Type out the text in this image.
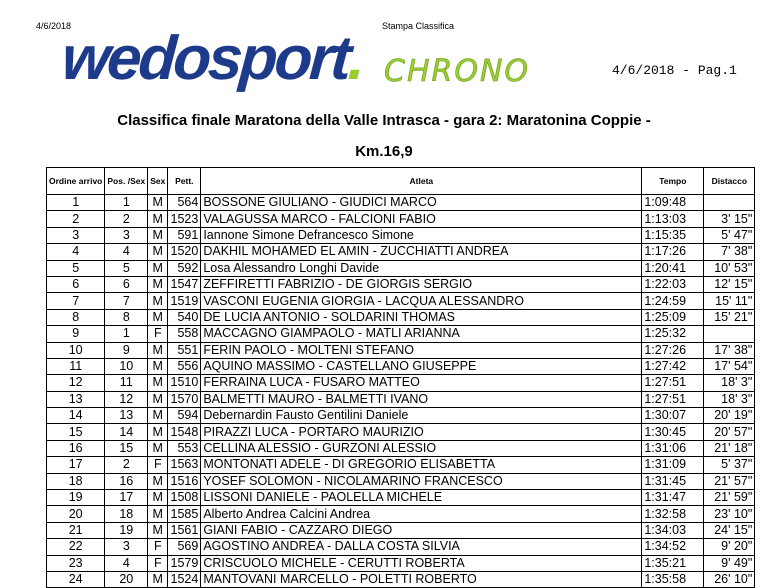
4/6/2018	Stampa Classifica
wedosport. CHRONO	4/6/2018 - Pag.1
Classifica finale Maratona della Valle Intrasca - gara 2: Maratonina Coppie -
Km.16,9
Ordine arrivo	Pos. /Sex	Sex	Pett.	Atleta	Tempo	Distacco
1	1	M	564	BOSSONE GIULIANO - GIUDICI MARCO	1:09:48	
2	2	M	1523	VALAGUSSA MARCO - FALCIONI FABIO	1:13:03	3' 15"
3	3	M	591	Iannone Simone Defrancesco Simone	1:15:35	5' 47"
4	4	M	1520	DAKHIL MOHAMED EL AMIN - ZUCCHIATTI ANDREA	1:17:26	7' 38"
5	5	M	592	Losa Alessandro Longhi Davide	1:20:41	10' 53"
6	6	M	1547	ZEFFIRETTI FABRIZIO - DE GIORGIS SERGIO	1:22:03	12' 15"
7	7	M	1519	VASCONI EUGENIA GIORGIA - LACQUA ALESSANDRO	1:24:59	15' 11"
8	8	M	540	DE LUCIA ANTONIO - SOLDARINI THOMAS	1:25:09	15' 21"
9	1	F	558	MACCAGNO GIAMPAOLO - MATLI ARIANNA	1:25:32	
10	9	M	551	FERIN PAOLO - MOLTENI STEFANO	1:27:26	17' 38"
11	10	M	556	AQUINO MASSIMO - CASTELLANO GIUSEPPE	1:27:42	17' 54"
12	11	M	1510	FERRAINA LUCA - FUSARO MATTEO	1:27:51	18' 3"
13	12	M	1570	BALMETTI MAURO - BALMETTI IVANO	1:27:51	18' 3"
14	13	M	594	Debernardin Fausto Gentilini Daniele	1:30:07	20' 19"
15	14	M	1548	PIRAZZI LUCA - PORTARO MAURIZIO	1:30:45	20' 57"
16	15	M	553	CELLINA ALESSIO - GURZONI ALESSIO	1:31:06	21' 18"
17	2	F	1563	MONTONATI ADELE - DI GREGORIO ELISABETTA	1:31:09	5' 37"
18	16	M	1516	YOSEF SOLOMON - NICOLAMARINO FRANCESCO	1:31:45	21' 57"
19	17	M	1508	LISSONI DANIELE - PAOLELLA MICHELE	1:31:47	21' 59"
20	18	M	1585	Alberto Andrea Calcini Andrea	1:32:58	23' 10"
21	19	M	1561	GIANI FABIO - CAZZARO DIEGO	1:34:03	24' 15"
22	3	F	569	AGOSTINO ANDREA - DALLA COSTA SILVIA	1:34:52	9' 20"
23	4	F	1579	CRISCUOLO MICHELE - CERUTTI ROBERTA	1:35:21	9' 49"
24	20	M	1524	MANTOVANI MARCELLO - POLETTI ROBERTO	1:35:58	26' 10"
